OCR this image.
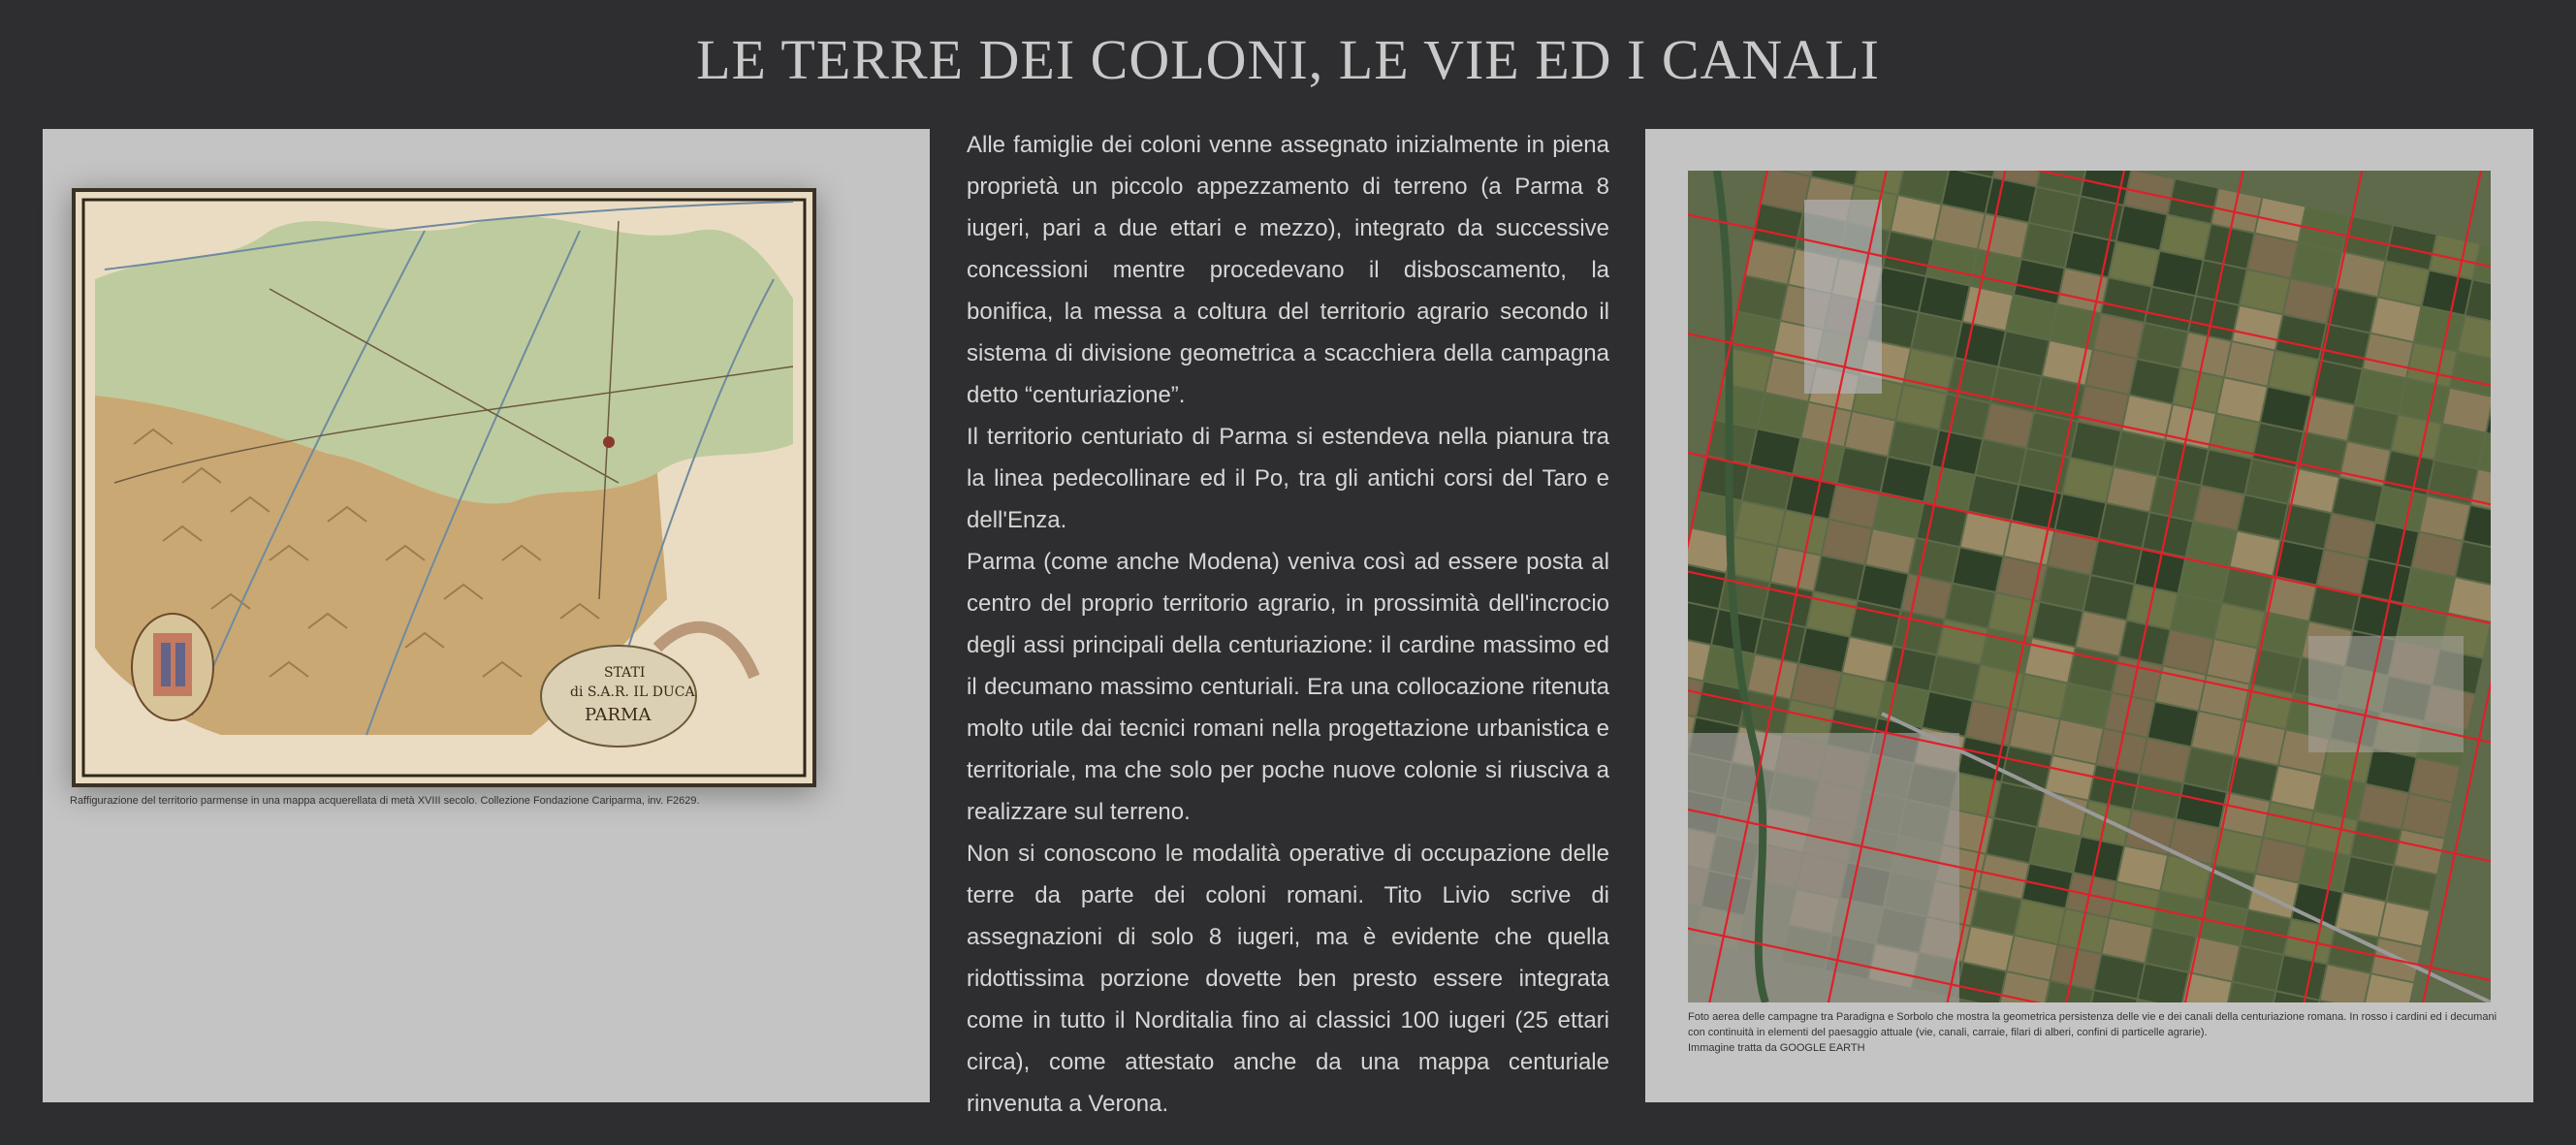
LE TERRE DEI COLONI, LE VIE ED I CANALI
STATI
di S.A.R. IL DUCA
PARMA

Raffigurazione del territorio parmense in una mappa acquerellata di metà XVIII secolo. Collezione Fondazione Cariparma, inv. F2629.

Alle famiglie dei coloni venne assegnato inizialmente in piena proprietà un piccolo appezzamento di terreno (a Parma 8 iugeri, pari a due ettari e mezzo), integrato da successive concessioni mentre procedevano il disboscamento, la bonifica, la messa a coltura del territorio agrario secondo il sistema di divisione geometrica a scacchiera della campagna detto “centuriazione”.

Il territorio centuriato di Parma si estendeva nella pianura tra la linea pedecollinare ed il Po, tra gli antichi corsi del Taro e dell'Enza.

Parma (come anche Modena) veniva così ad essere posta al centro del proprio territorio agrario, in prossimità dell'incrocio degli assi principali della centuriazione: il cardine massimo ed il decumano massimo centuriali. Era una collocazione ritenuta molto utile dai tecnici romani nella progettazione urbanistica e territoriale, ma che solo per poche nuove colonie si riusciva a realizzare sul terreno.

Non si conoscono le modalità operative di occupazione delle terre da parte dei coloni romani. Tito Livio scrive di assegnazioni di solo 8 iugeri, ma è evidente che quella ridottissima porzione dovette ben presto essere integrata come in tutto il Norditalia fino ai classici 100 iugeri (25 ettari circa), come attestato anche da una mappa centuriale rinvenuta a Verona.

Foto aerea delle campagne tra Paradigna e Sorbolo che mostra la geometrica persistenza delle vie e dei canali della centuriazione romana. In rosso i cardini ed i decumani
con continuità in elementi del paesaggio attuale (vie, canali, carraie, filari di alberi, confini di particelle agrarie).
Immagine tratta da GOOGLE EARTH
